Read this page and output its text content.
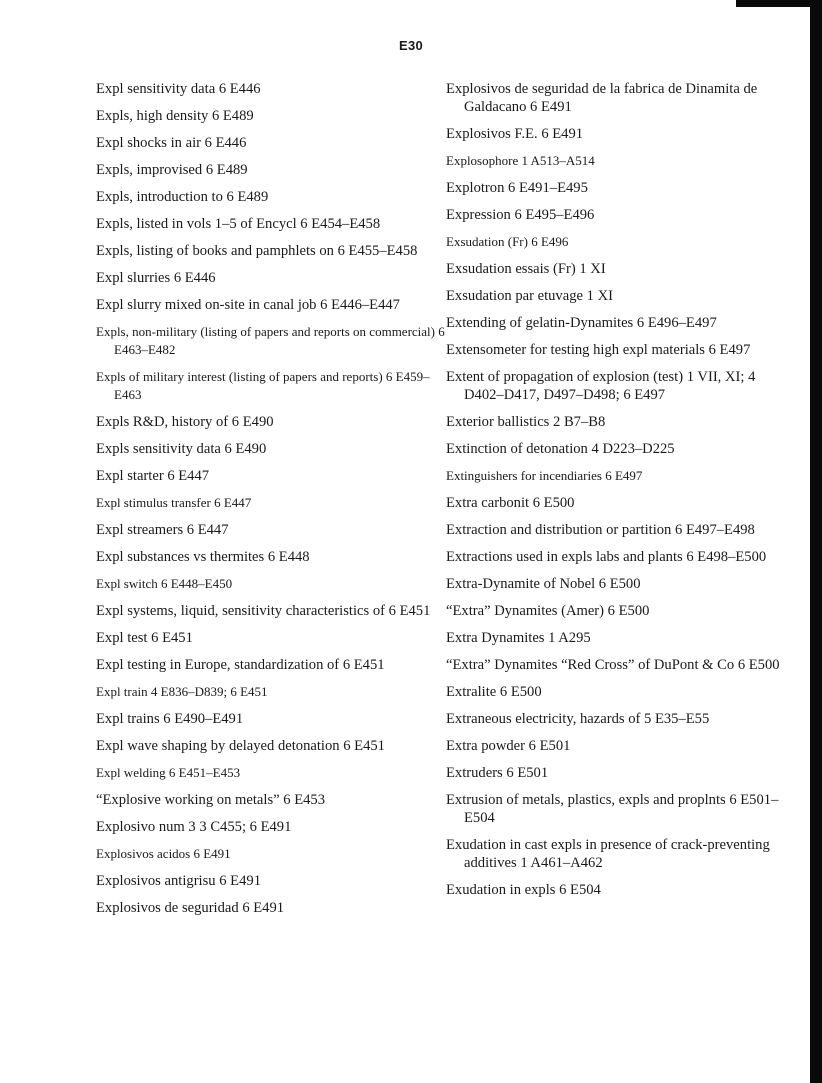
E30

Expl sensitivity data 6 E446

Expls, high density 6 E489

Expl shocks in air 6 E446

Expls, improvised 6 E489

Expls, introduction to 6 E489

Expls, listed in vols 1–5 of Encycl 6 E454–E458

Expls, listing of books and pamphlets on 6 E455–E458

Expl slurries 6 E446

Expl slurry mixed on-site in canal job 6 E446–E447

Expls, non-military (listing of papers and reports on commercial) 6 E463–E482

Expls of military interest (listing of papers and reports) 6 E459–E463

Expls R&D, history of 6 E490

Expls sensitivity data 6 E490

Expl starter 6 E447

Expl stimulus transfer 6 E447

Expl streamers 6 E447

Expl substances vs thermites 6 E448

Expl switch 6 E448–E450

Expl systems, liquid, sensitivity characteristics of 6 E451

Expl test 6 E451

Expl testing in Europe, standardization of 6 E451

Expl train 4 E836–D839; 6 E451

Expl trains 6 E490–E491

Expl wave shaping by delayed detonation 6 E451

Expl welding 6 E451–E453

“Explosive working on metals” 6 E453

Explosivo num 3 3 C455; 6 E491

Explosivos acidos 6 E491

Explosivos antigrisu 6 E491

Explosivos de seguridad 6 E491

Explosivos de seguridad de la fabrica de Dinamita de Galdacano 6 E491

Explosivos F.E. 6 E491

Explosophore 1 A513–A514

Explotron 6 E491–E495

Expression 6 E495–E496

Exsudation (Fr) 6 E496

Exsudation essais (Fr) 1 XI

Exsudation par etuvage 1 XI

Extending of gelatin-Dynamites 6 E496–E497

Extensometer for testing high expl materials 6 E497

Extent of propagation of explosion (test) 1 VII, XI; 4 D402–D417, D497–D498; 6 E497

Exterior ballistics 2 B7–B8

Extinction of detonation 4 D223–D225

Extinguishers for incendiaries 6 E497

Extra carbonit 6 E500

Extraction and distribution or partition 6 E497–E498

Extractions used in expls labs and plants 6 E498–E500

Extra-Dynamite of Nobel 6 E500

“Extra” Dynamites (Amer) 6 E500

Extra Dynamites 1 A295

“Extra” Dynamites “Red Cross” of DuPont & Co 6 E500

Extralite 6 E500

Extraneous electricity, hazards of 5 E35–E55

Extra powder 6 E501

Extruders 6 E501

Extrusion of metals, plastics, expls and proplnts 6 E501–E504

Exudation in cast expls in presence of crack-preventing additives 1 A461–A462

Exudation in expls 6 E504
